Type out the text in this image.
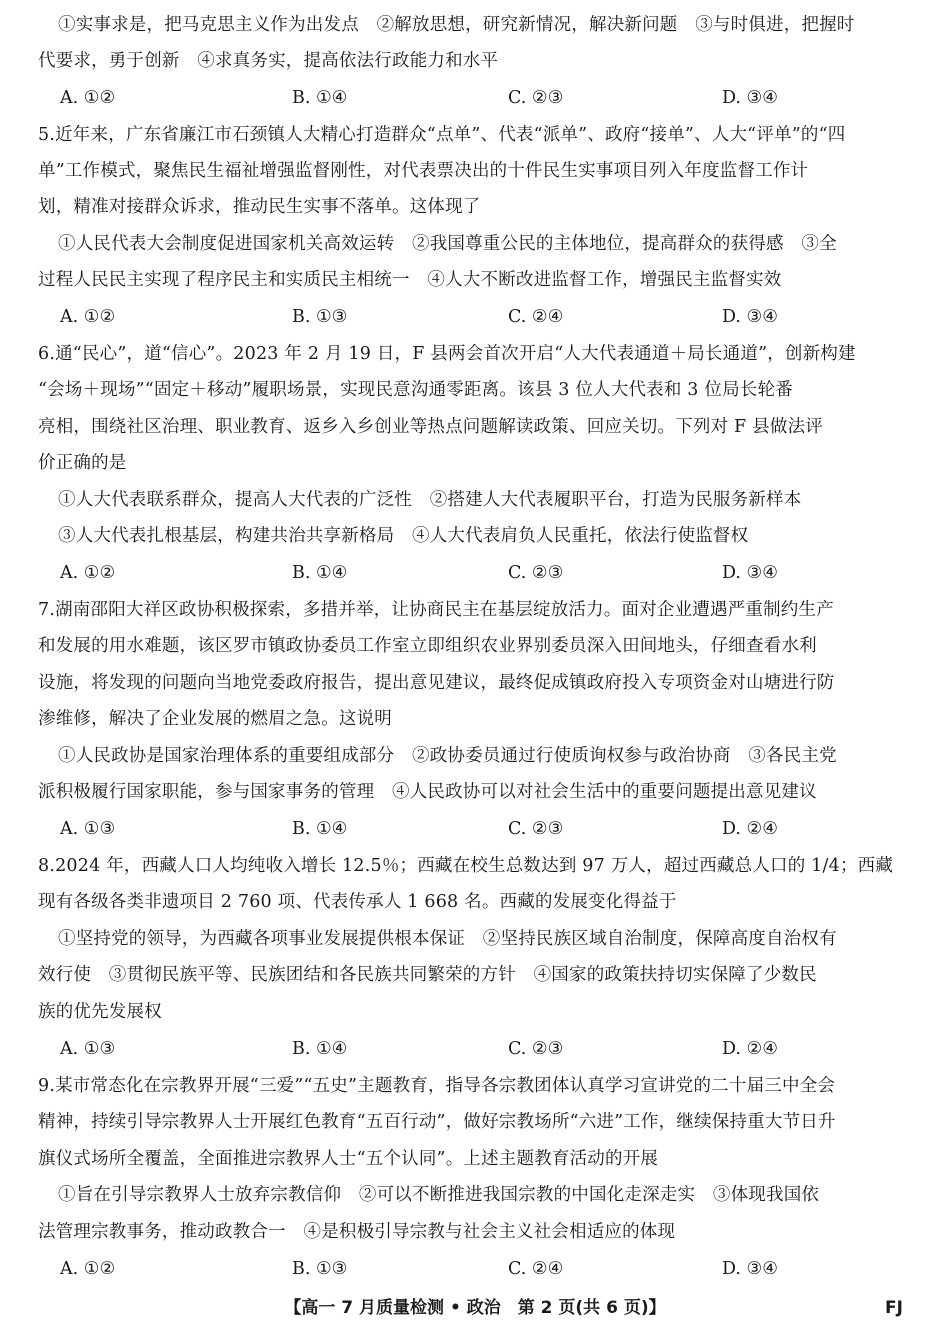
①实事求是，把马克思主义作为出发点　②解放思想，研究新情况，解决新问题　③与时俱进，把握时
代要求，勇于创新　④求真务实，提高依法行政能力和水平
A. ①②	B. ①④	C. ②③	D. ③④
5.近年来，广东省廉江市石颈镇人大精心打造群众“点单”、代表“派单”、政府“接单”、人大“评单”的“四
单”工作模式，聚焦民生福祉增强监督刚性，对代表票决出的十件民生实事项目列入年度监督工作计
划，精准对接群众诉求，推动民生实事不落单。这体现了
①人民代表大会制度促进国家机关高效运转　②我国尊重公民的主体地位，提高群众的获得感　③全
过程人民民主实现了程序民主和实质民主相统一　④人大不断改进监督工作，增强民主监督实效
A. ①②	B. ①③	C. ②④	D. ③④
6.通“民心”，道“信心”。2023 年 2 月 19 日，F 县两会首次开启“人大代表通道＋局长通道”，创新构建
“会场＋现场”“固定＋移动”履职场景，实现民意沟通零距离。该县 3 位人大代表和 3 位局长轮番
亮相，围绕社区治理、职业教育、返乡入乡创业等热点问题解读政策、回应关切。下列对 F 县做法评
价正确的是
①人大代表联系群众，提高人大代表的广泛性　②搭建人大代表履职平台，打造为民服务新样本
③人大代表扎根基层，构建共治共享新格局　④人大代表肩负人民重托，依法行使监督权
A. ①②	B. ①④	C. ②③	D. ③④
7.湖南邵阳大祥区政协积极探索，多措并举，让协商民主在基层绽放活力。面对企业遭遇严重制约生产
和发展的用水难题，该区罗市镇政协委员工作室立即组织农业界别委员深入田间地头，仔细查看水利
设施，将发现的问题向当地党委政府报告，提出意见建议，最终促成镇政府投入专项资金对山塘进行防
渗维修，解决了企业发展的燃眉之急。这说明
①人民政协是国家治理体系的重要组成部分　②政协委员通过行使质询权参与政治协商　③各民主党
派积极履行国家职能，参与国家事务的管理　④人民政协可以对社会生活中的重要问题提出意见建议
A. ①③	B. ①④	C. ②③	D. ②④
8.2024 年，西藏人口人均纯收入增长 12.5％；西藏在校生总数达到 97 万人，超过西藏总人口的 1/4；西藏
现有各级各类非遗项目 2 760 项、代表传承人 1 668 名。西藏的发展变化得益于
①坚持党的领导，为西藏各项事业发展提供根本保证　②坚持民族区域自治制度，保障高度自治权有
效行使　③贯彻民族平等、民族团结和各民族共同繁荣的方针　④国家的政策扶持切实保障了少数民
族的优先发展权
A. ①③	B. ①④	C. ②③	D. ②④
9.某市常态化在宗教界开展“三爱”“五史”主题教育，指导各宗教团体认真学习宣讲党的二十届三中全会
精神，持续引导宗教界人士开展红色教育“五百行动”，做好宗教场所“六进”工作，继续保持重大节日升
旗仪式场所全覆盖，全面推进宗教界人士“五个认同”。上述主题教育活动的开展
①旨在引导宗教界人士放弃宗教信仰　②可以不断推进我国宗教的中国化走深走实　③体现我国依
法管理宗教事务，推动政教合一　④是积极引导宗教与社会主义社会相适应的体现
A. ①②	B. ①③	C. ②④	D. ③④
【高一 7 月质量检测 • 政治　第 2 页(共 6 页)】	FJ
